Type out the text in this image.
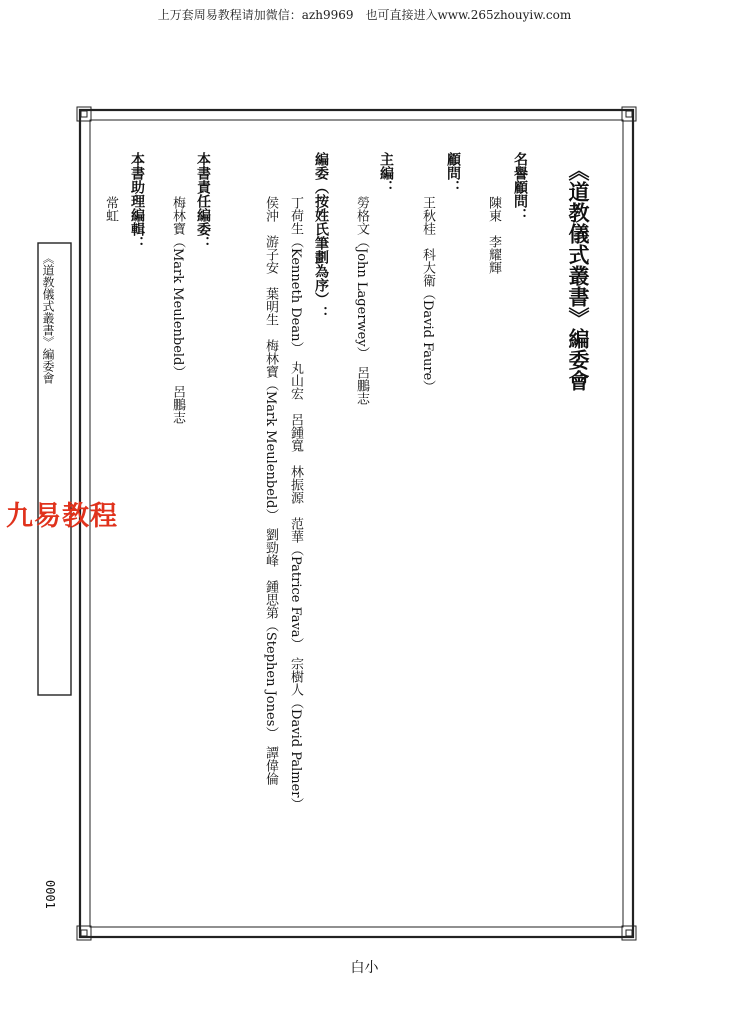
上万套周易教程请加微信：azh9969　也可直接进入www.265zhouyiw.com
《道教儀式叢書》編委會
名譽顧問：
陳東　李耀輝
顧問：
王秋桂　科大衛（David Faure）
主編：
勞格文（John Lagerwey）　呂鵬志
編委（按姓氏筆劃為序）：
丁荷生（Kenneth Dean）　丸山宏　呂鍾寬　林振源　范華（Patrice Fava）　宗樹人（David Palmer）
侯沖　游子安　葉明生　梅林寶（Mark Meulenbeld）　劉勁峰　鍾思第（Stephen Jones）　譚偉倫
本書責任編委：
梅林寶（Mark Meulenbeld）　呂鵬志
本書助理編輯：
常虹
《道教儀式叢書》編委會
0001
白小
九易教程
